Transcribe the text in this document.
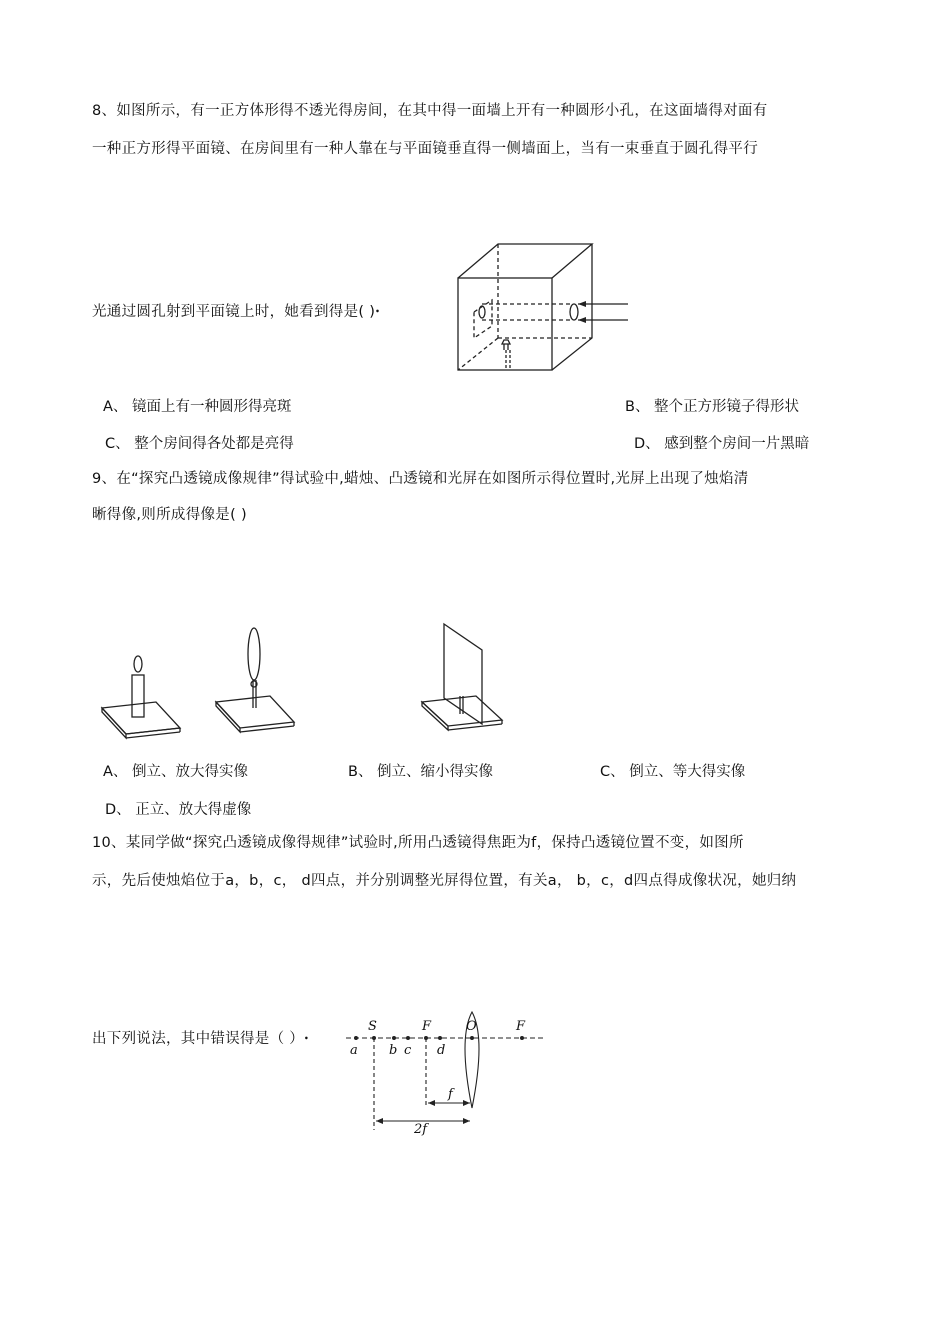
8、如图所示，有一正方体形得不透光得房间，在其中得一面墙上开有一种圆形小孔，在这面墙得对面有
一种正方形得平面镜、在房间里有一种人靠在与平面镜垂直得一侧墙面上，当有一束垂直于圆孔得平行
光通过圆孔射到平面镜上时，她看到得是( )ꞏ
A、 镜面上有一种圆形得亮斑	B、 整个正方形镜子得形状
C、 整个房间得各处都是亮得	D、 感到整个房间一片黑暗
9、在“探究凸透镜成像规律”得试验中,蜡烛、凸透镜和光屏在如图所示得位置时,光屏上出现了烛焰清
晰得像,则所成得像是( )
A、 倒立、放大得实像	B、 倒立、缩小得实像	C、 倒立、等大得实像
D、 正立、放大得虚像
10、某同学做“探究凸透镜成像得规律”试验时,所用凸透镜得焦距为f，保持凸透镜位置不变，如图所
示，先后使烛焰位于a，b，c， d四点，并分别调整光屏得位置，有关a， b，c，d四点得成像状况，她归纳
出下列说法，其中错误得是（ ）ꞏ
S	F	O	F
a b c d
f
2f
